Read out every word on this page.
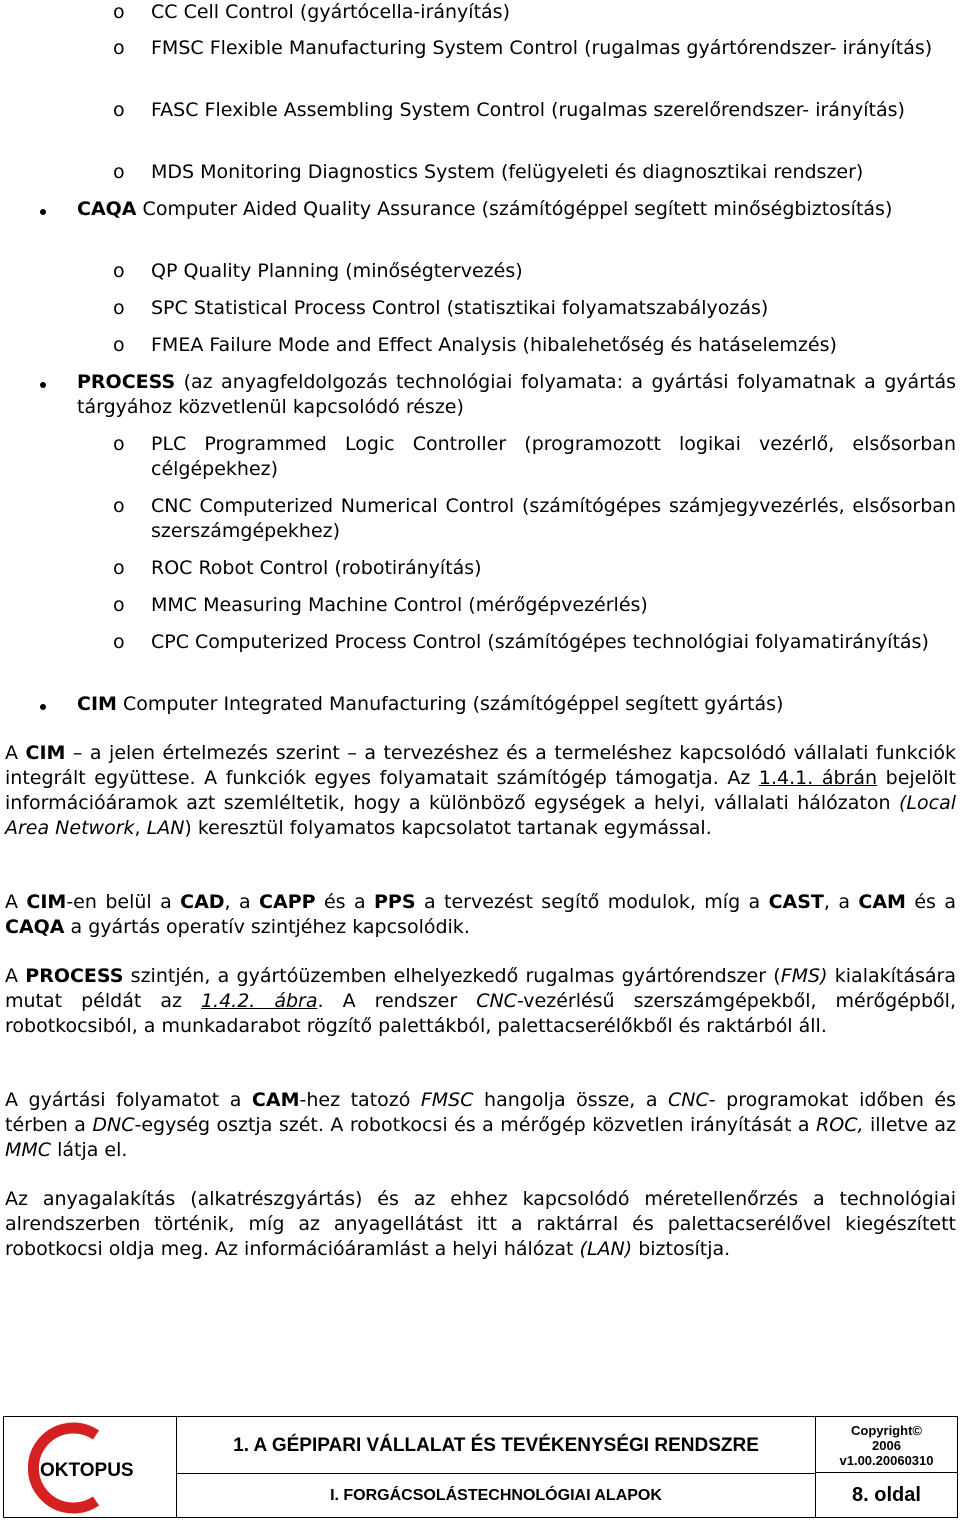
o CC Cell Control (gyártócella-irányítás)
o FMSC Flexible Manufacturing System Control (rugalmas gyártórendszer- irányítás)
o FASC Flexible Assembling System Control (rugalmas szerelőrendszer- irányítás)
o MDS Monitoring Diagnostics System (felügyeleti és diagnosztikai rendszer)
CAQA Computer Aided Quality Assurance (számítógéppel segített minőségbiztosítás)
o QP Quality Planning (minőségtervezés)
o SPC Statistical Process Control (statisztikai folyamatszabályozás)
o FMEA Failure Mode and Effect Analysis (hibalehetőség és hatáselemzés)
PROCESS (az anyagfeldolgozás technológiai folyamata: a gyártási folyamatnak a gyártás tárgyához közvetlenül kapcsolódó része)
o PLC Programmed Logic Controller (programozott logikai vezérlő, elsősorban célgépekhez)
o CNC Computerized Numerical Control (számítógépes számjegyvezérlés, elsősorban szerszámgépekhez)
o ROC Robot Control (robotirányítás)
o MMC Measuring Machine Control (mérőgépvezérlés)
o CPC Computerized Process Control (számítógépes technológiai folyamatirányítás)
CIM Computer Integrated Manufacturing (számítógéppel segített gyártás)

A CIM – a jelen értelmezés szerint – a tervezéshez és a termeléshez kapcsolódó vállalati funkciók integrált együttese. A funkciók egyes folyamatait számítógép támogatja. Az 1.4.1. ábrán bejelölt információáramok azt szemléltetik, hogy a különböző egységek a helyi, vállalati hálózaton (Local Area Network, LAN) keresztül folyamatos kapcsolatot tartanak egymással.

A CIM-en belül a CAD, a CAPP és a PPS a tervezést segítő modulok, míg a CAST, a CAM és a CAQA a gyártás operatív szintjéhez kapcsolódik.

A PROCESS szintjén, a gyártóüzemben elhelyezkedő rugalmas gyártórendszer (FMS) kialakítására mutat példát az 1.4.2. ábra. A rendszer CNC-vezérlésű szerszámgépekből, mérőgépből, robotkocsiból, a munkadarabot rögzítő palettákból, palettacserélőkből és raktárból áll.

A gyártási folyamatot a CAM-hez tatozó FMSC hangolja össze, a CNC- programokat időben és térben a DNC-egység osztja szét. A robotkocsi és a mérőgép közvetlen irányítását a ROC, illetve az MMC látja el.

Az anyagalakítás (alkatrészgyártás) és az ehhez kapcsolódó méretellenőrzés a technológiai alrendszerben történik, míg az anyagellátást itt a raktárral és palettacserélővel kiegészített robotkocsi oldja meg. Az információáramlást a helyi hálózat (LAN) biztosítja.

OKTOPUS
1. A GÉPIPARI VÁLLALAT ÉS TEVÉKENYSÉGI RENDSZRE
I. FORGÁCSOLÁSTECHNOLÓGIAI ALAPOK
Copyright©
2006
v1.00.20060310
8. oldal
